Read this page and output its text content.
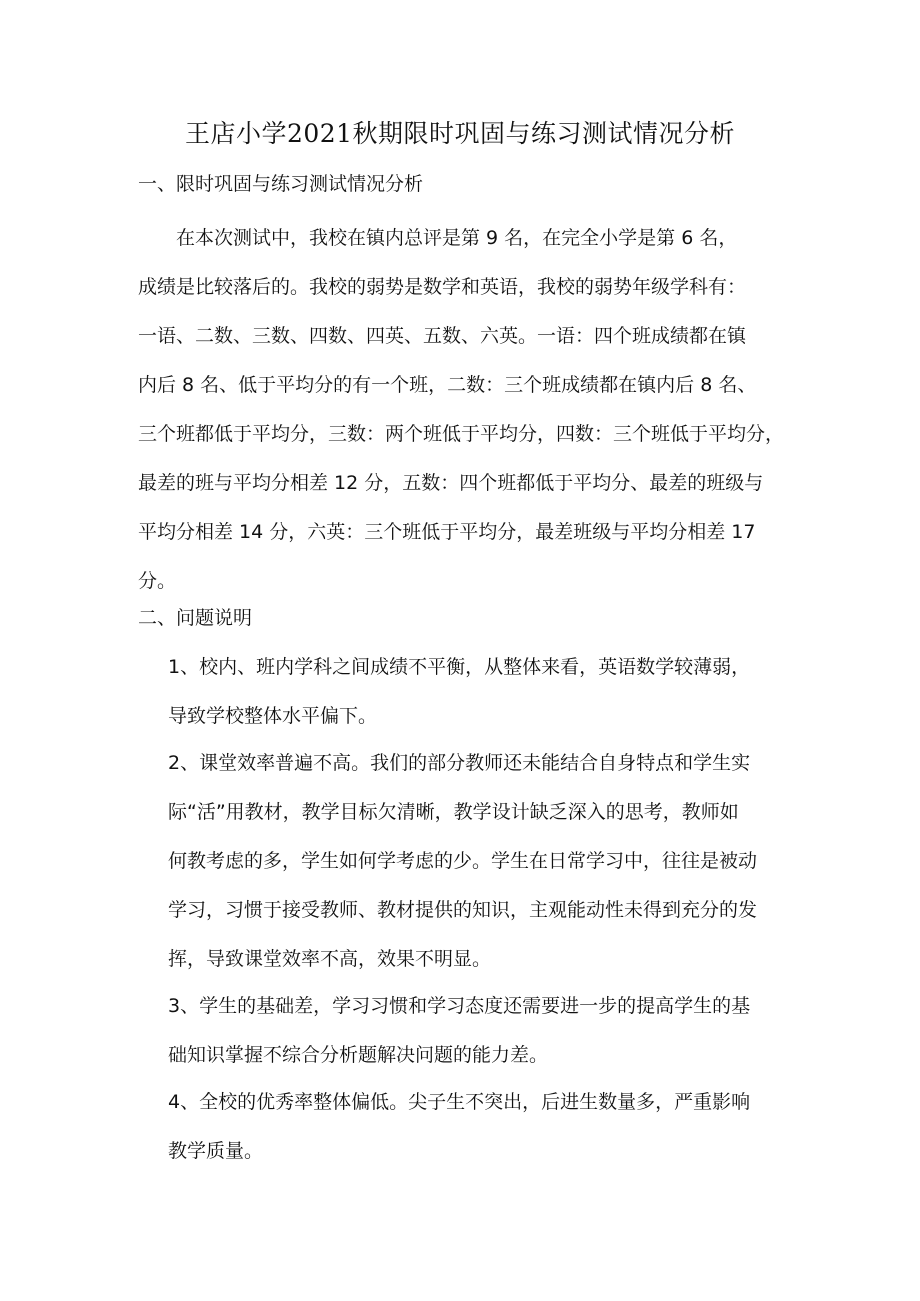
王店小学2021秋期限时巩固与练习测试情况分析
一、限时巩固与练习测试情况分析
　　在本次测试中，我校在镇内总评是第 9 名，在完全小学是第 6 名，
成绩是比较落后的。我校的弱势是数学和英语，我校的弱势年级学科有：
一语、二数、三数、四数、四英、五数、六英。一语：四个班成绩都在镇
内后 8 名、低于平均分的有一个班，二数：三个班成绩都在镇内后 8 名、
三个班都低于平均分，三数：两个班低于平均分，四数：三个班低于平均分，
最差的班与平均分相差 12 分，五数：四个班都低于平均分、最差的班级与
平均分相差 14 分，六英：三个班低于平均分，最差班级与平均分相差 17
分。
二、问题说明
1、校内、班内学科之间成绩不平衡，从整体来看，英语数学较薄弱，
导致学校整体水平偏下。
2、课堂效率普遍不高。我们的部分教师还未能结合自身特点和学生实
际“活”用教材，教学目标欠清晰，教学设计缺乏深入的思考，教师如
何教考虑的多，学生如何学考虑的少。学生在日常学习中，往往是被动
学习，习惯于接受教师、教材提供的知识，主观能动性未得到充分的发
挥，导致课堂效率不高，效果不明显。
3、学生的基础差，学习习惯和学习态度还需要进一步的提高学生的基
础知识掌握不综合分析题解决问题的能力差。
4、全校的优秀率整体偏低。尖子生不突出，后进生数量多，严重影响
教学质量。
